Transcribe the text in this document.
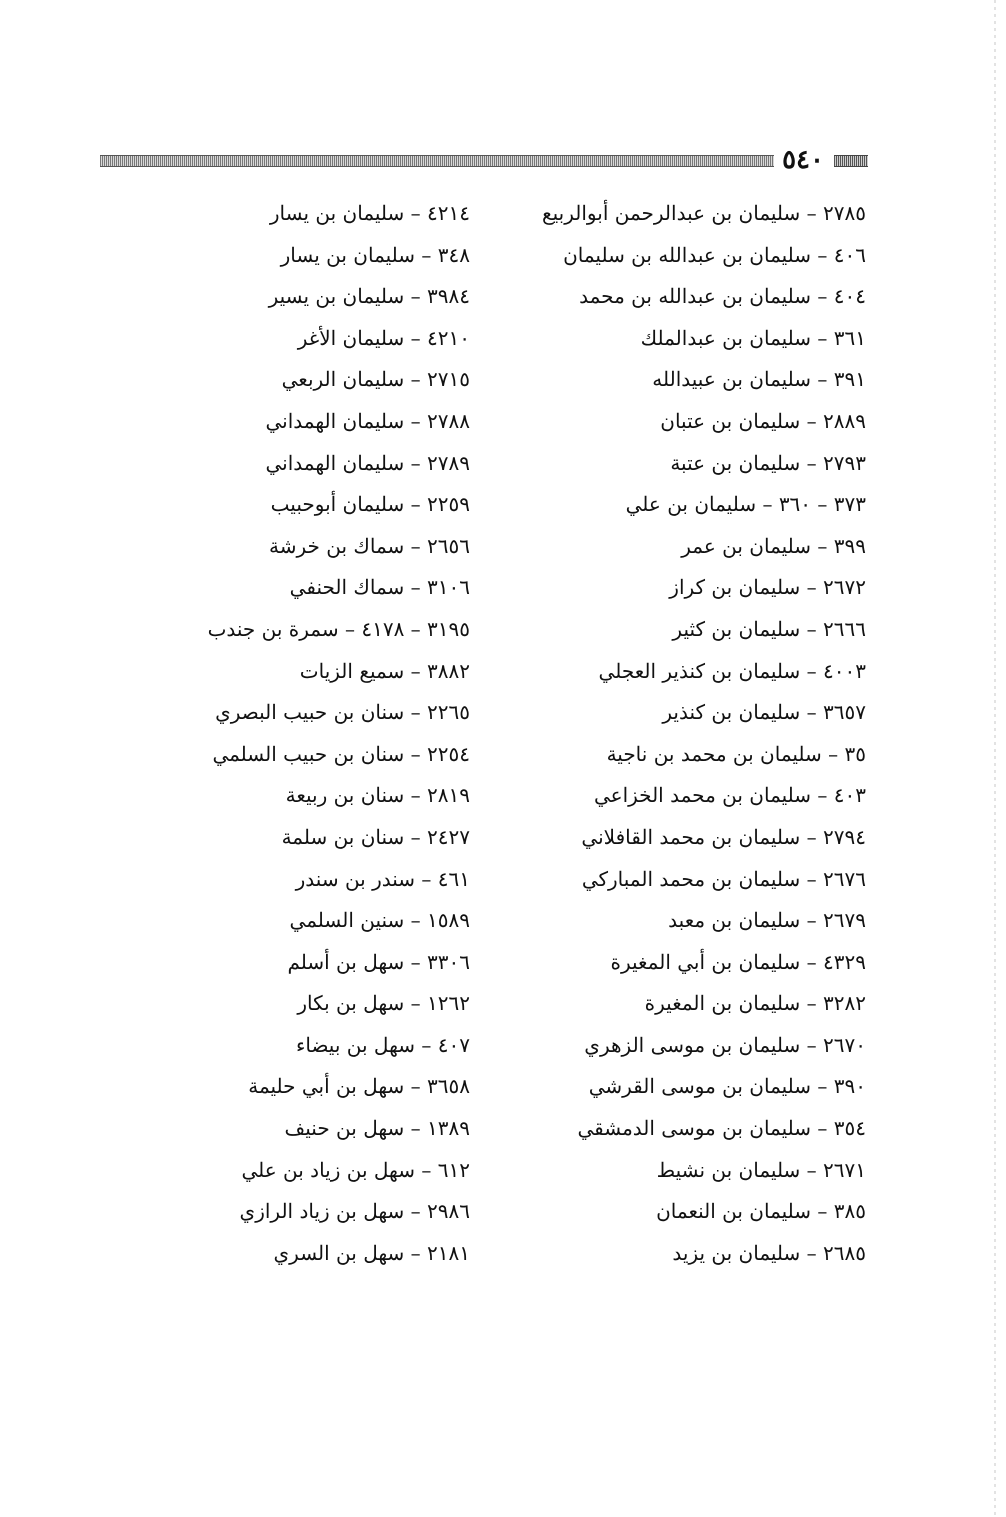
٥٤٠
٢٧٨٥ – سليمان بن عبدالرحمن أبوالربيع
٤٠٦ – سليمان بن عبدالله بن سليمان
٤٠٤ – سليمان بن عبدالله بن محمد
٣٦١ – سليمان بن عبدالملك
٣٩١ – سليمان بن عبيدالله
٢٨٨٩ – سليمان بن عتبان
٢٧٩٣ – سليمان بن عتبة
٣٧٣ – ٣٦٠ – سليمان بن علي
٣٩٩ – سليمان بن عمر
٢٦٧٢ – سليمان بن كراز
٢٦٦٦ – سليمان بن كثير
٤٠٠٣ – سليمان بن كنذير العجلي
٣٦٥٧ – سليمان بن كنذير
٣٥ – سليمان بن محمد بن ناجية
٤٠٣ – سليمان بن محمد الخزاعي
٢٧٩٤ – سليمان بن محمد القافلاني
٢٦٧٦ – سليمان بن محمد المباركي
٢٦٧٩ – سليمان بن معبد
٤٣٢٩ – سليمان بن أبي المغيرة
٣٢٨٢ – سليمان بن المغيرة
٢٦٧٠ – سليمان بن موسى الزهري
٣٩٠ – سليمان بن موسى القرشي
٣٥٤ – سليمان بن موسى الدمشقي
٢٦٧١ – سليمان بن نشيط
٣٨٥ – سليمان بن النعمان
٢٦٨٥ – سليمان بن يزيد
٤٢١٤ – سليمان بن يسار
٣٤٨ – سليمان بن يسار
٣٩٨٤ – سليمان بن يسير
٤٢١٠ – سليمان الأغر
٢٧١٥ – سليمان الربعي
٢٧٨٨ – سليمان الهمداني
٢٧٨٩ – سليمان الهمداني
٢٢٥٩ – سليمان أبوحبيب
٢٦٥٦ – سماك بن خرشة
٣١٠٦ – سماك الحنفي
٣١٩٥ – ٤١٧٨ – سمرة بن جندب
٣٨٨٢ – سميع الزيات
٢٢٦٥ – سنان بن حبيب البصري
٢٢٥٤ – سنان بن حبيب السلمي
٢٨١٩ – سنان بن ربيعة
٢٤٢٧ – سنان بن سلمة
٤٦١ – سندر بن سندر
١٥٨٩ – سنين السلمي
٣٣٠٦ – سهل بن أسلم
١٢٦٢ – سهل بن بكار
٤٠٧ – سهل بن بيضاء
٣٦٥٨ – سهل بن أبي حليمة
١٣٨٩ – سهل بن حنيف
٦١٢ – سهل بن زياد بن علي
٢٩٨٦ – سهل بن زياد الرازي
٢١٨١ – سهل بن السري
